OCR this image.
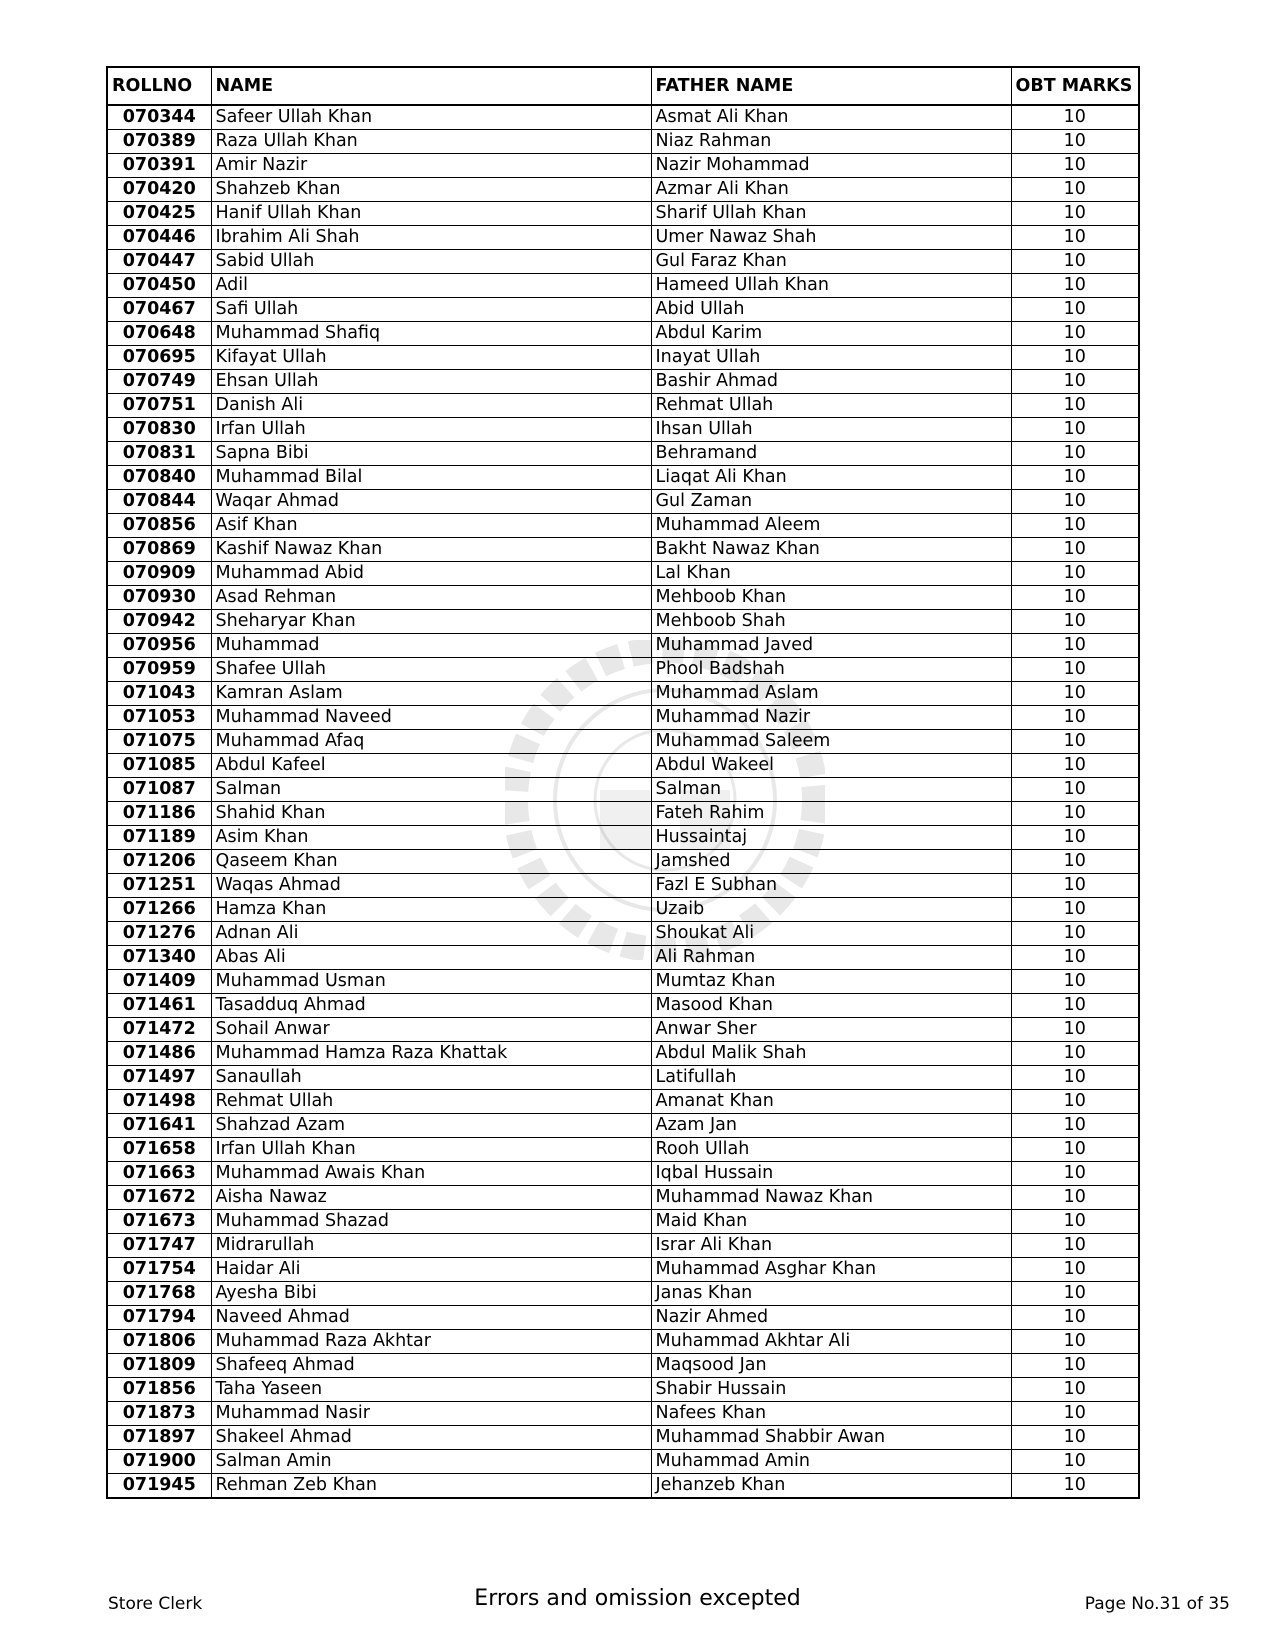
ROLLNO	NAME	FATHER NAME	OBT MARKS
070344	Safeer Ullah Khan	Asmat Ali Khan	10
070389	Raza Ullah Khan	Niaz Rahman	10
070391	Amir Nazir	Nazir Mohammad	10
070420	Shahzeb Khan	Azmar Ali Khan	10
070425	Hanif Ullah Khan	Sharif Ullah Khan	10
070446	Ibrahim Ali Shah	Umer Nawaz Shah	10
070447	Sabid Ullah	Gul Faraz Khan	10
070450	Adil	Hameed Ullah Khan	10
070467	Safi Ullah	Abid Ullah	10
070648	Muhammad Shafiq	Abdul Karim	10
070695	Kifayat Ullah	Inayat Ullah	10
070749	Ehsan Ullah	Bashir Ahmad	10
070751	Danish Ali	Rehmat Ullah	10
070830	Irfan Ullah	Ihsan Ullah	10
070831	Sapna Bibi	Behramand	10
070840	Muhammad Bilal	Liaqat Ali Khan	10
070844	Waqar Ahmad	Gul Zaman	10
070856	Asif Khan	Muhammad Aleem	10
070869	Kashif Nawaz Khan	Bakht Nawaz Khan	10
070909	Muhammad Abid	Lal Khan	10
070930	Asad Rehman	Mehboob Khan	10
070942	Sheharyar Khan	Mehboob Shah	10
070956	Muhammad	Muhammad Javed	10
070959	Shafee Ullah	Phool Badshah	10
071043	Kamran Aslam	Muhammad Aslam	10
071053	Muhammad Naveed	Muhammad Nazir	10
071075	Muhammad Afaq	Muhammad Saleem	10
071085	Abdul Kafeel	Abdul Wakeel	10
071087	Salman	Salman	10
071186	Shahid Khan	Fateh Rahim	10
071189	Asim Khan	Hussaintaj	10
071206	Qaseem Khan	Jamshed	10
071251	Waqas Ahmad	Fazl E Subhan	10
071266	Hamza Khan	Uzaib	10
071276	Adnan Ali	Shoukat Ali	10
071340	Abas Ali	Ali Rahman	10
071409	Muhammad Usman	Mumtaz Khan	10
071461	Tasadduq Ahmad	Masood Khan	10
071472	Sohail Anwar	Anwar Sher	10
071486	Muhammad Hamza Raza Khattak	Abdul Malik Shah	10
071497	Sanaullah	Latifullah	10
071498	Rehmat Ullah	Amanat Khan	10
071641	Shahzad Azam	Azam Jan	10
071658	Irfan Ullah Khan	Rooh Ullah	10
071663	Muhammad Awais Khan	Iqbal Hussain	10
071672	Aisha Nawaz	Muhammad Nawaz Khan	10
071673	Muhammad Shazad	Maid Khan	10
071747	Midrarullah	Israr Ali Khan	10
071754	Haidar Ali	Muhammad Asghar Khan	10
071768	Ayesha Bibi	Janas Khan	10
071794	Naveed Ahmad	Nazir Ahmed	10
071806	Muhammad Raza Akhtar	Muhammad Akhtar Ali	10
071809	Shafeeq Ahmad	Maqsood Jan	10
071856	Taha Yaseen	Shabir Hussain	10
071873	Muhammad Nasir	Nafees Khan	10
071897	Shakeel Ahmad	Muhammad Shabbir Awan	10
071900	Salman Amin	Muhammad Amin	10
071945	Rehman Zeb Khan	Jehanzeb Khan	10
Store Clerk	Errors and omission excepted	Page No.31 of 35
